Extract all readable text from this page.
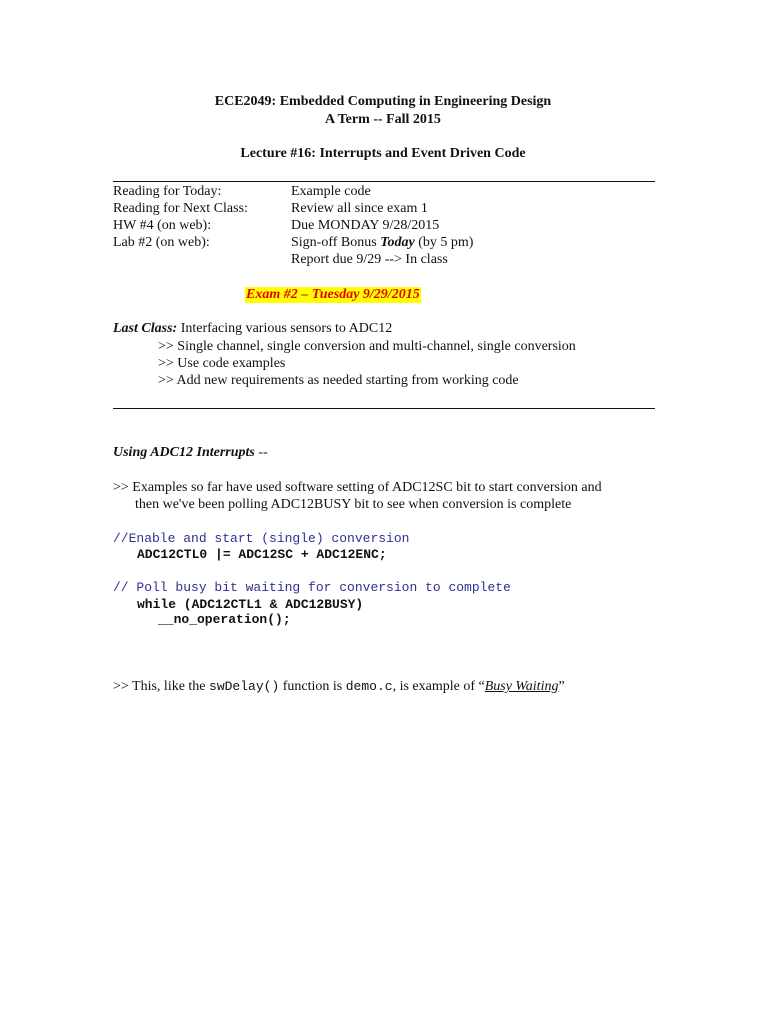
ECE2049: Embedded Computing in Engineering Design
A Term -- Fall 2015
Lecture #16: Interrupts and Event Driven Code
Reading for Today:	Example code
Reading for Next Class:	Review all since exam 1
HW #4 (on web):	Due MONDAY 9/28/2015
Lab #2 (on web):	Sign-off Bonus Today (by 5 pm)
Report due 9/29 --> In class
Exam #2 – Tuesday 9/29/2015
Last Class: Interfacing various sensors to ADC12
>> Single channel, single conversion and multi-channel, single conversion
>> Use code examples
>> Add new requirements as needed starting from working code
Using ADC12 Interrupts --
>> Examples so far have used software setting of ADC12SC bit to start conversion and
then we've been polling ADC12BUSY bit to see when conversion is complete
//Enable and start (single) conversion
ADC12CTL0 |= ADC12SC + ADC12ENC;
// Poll busy bit waiting for conversion to complete
while (ADC12CTL1 & ADC12BUSY)
__no_operation();
>> This, like the swDelay() function is demo.c, is example of “Busy Waiting”
